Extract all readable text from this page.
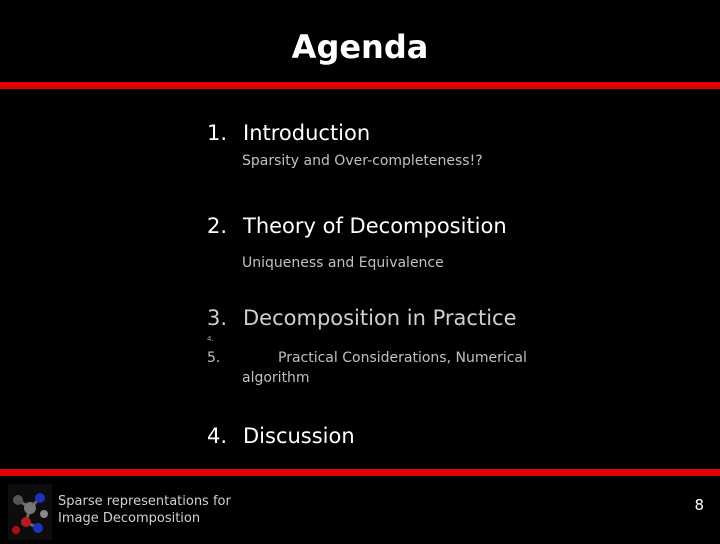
Agenda
1. Introduction
Sparsity and Over-completeness!?
2. Theory of Decomposition
Uniqueness and Equivalence
3. Decomposition in Practice
4.
5.	Practical Considerations, Numerical
algorithm
4. Discussion
Sparse representations for
Image Decomposition
8
